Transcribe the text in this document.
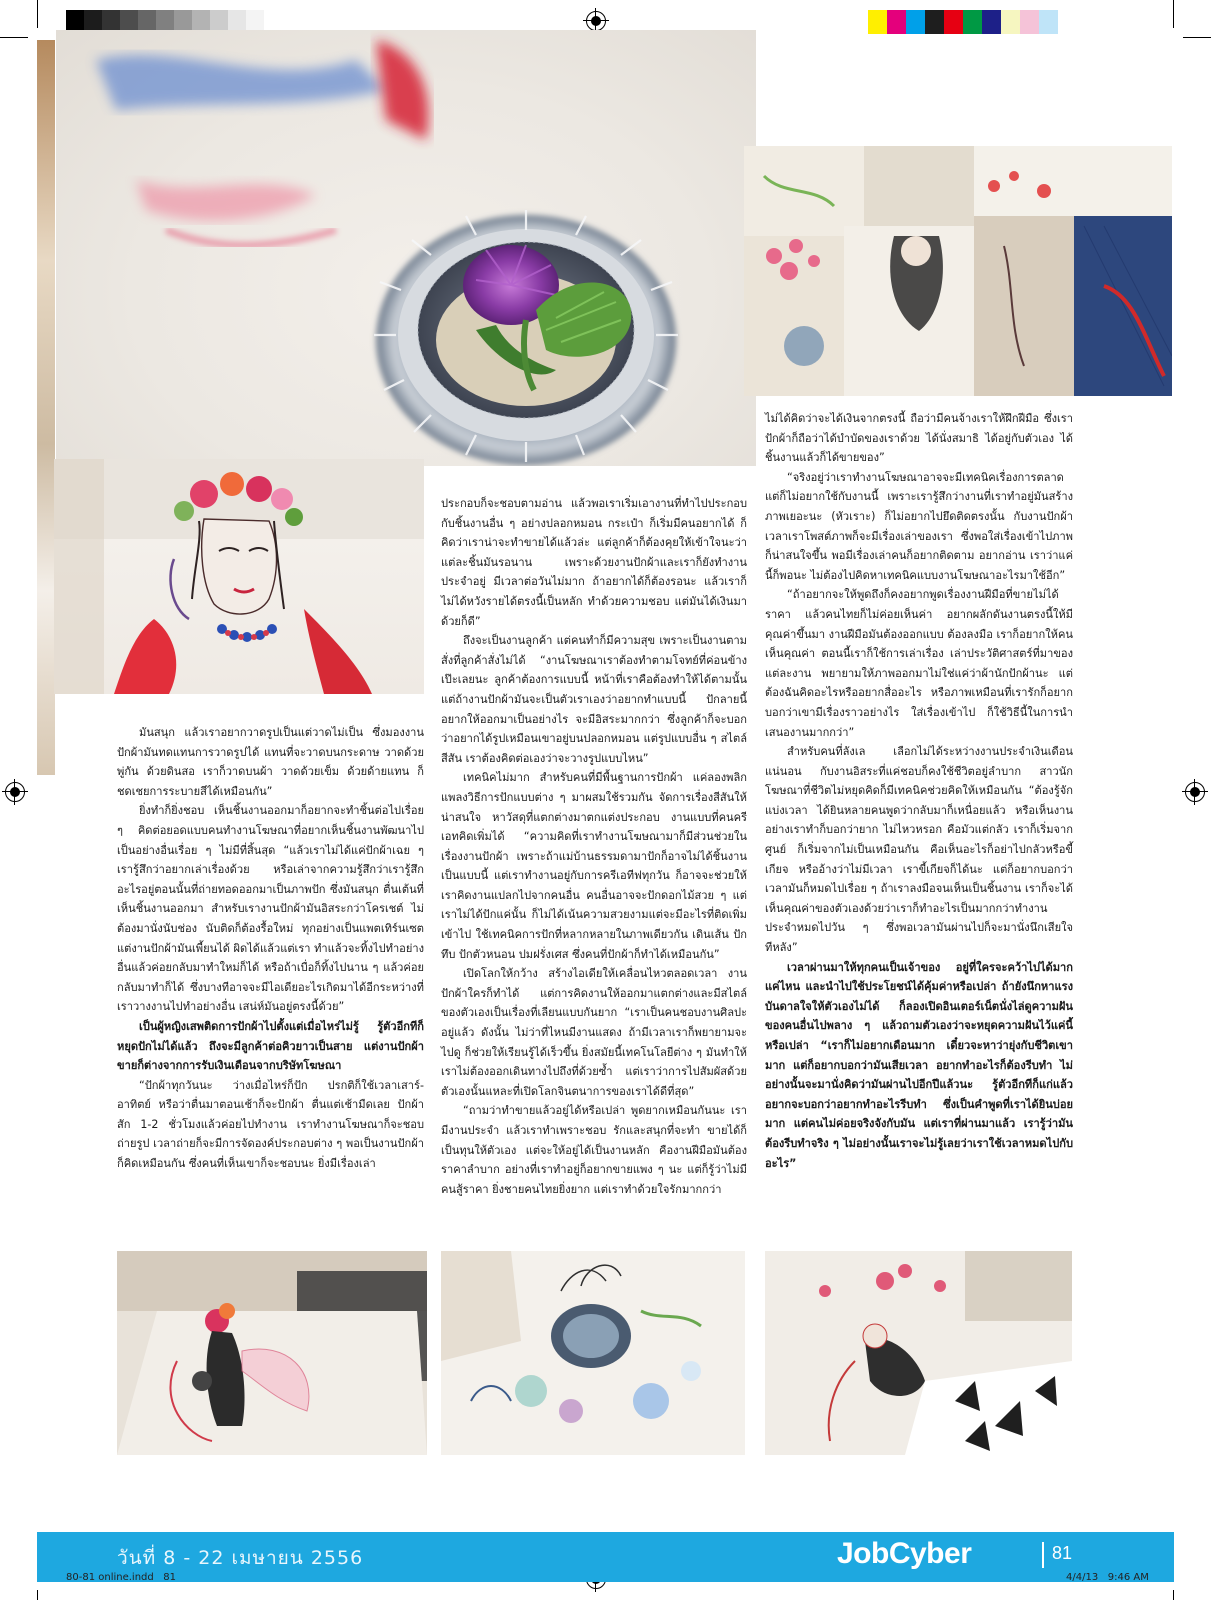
มันสนุก แล้วเราอยากวาดรูปเป็นแต่วาดไม่เป็น ซึ่งมองงานปักผ้ามันทดแทนการวาดรูปได้ แทนที่จะวาดบนกระดาษ วาดด้วยพู่กัน ด้วยดินสอ เราก็วาดบนผ้า วาดด้วยเข็ม ด้วยด้ายแทน ก็ชดเชยการระบายสีได้เหมือนกัน”

ยิ่งทำก็ยิ่งชอบ เห็นชิ้นงานออกมาก็อยากจะทำชิ้นต่อไปเรื่อย ๆ คิดต่อยอดแบบคนทำงานโฆษณาที่อยากเห็นชิ้นงานพัฒนาไปเป็นอย่างอื่นเรื่อย ๆ ไม่มีที่สิ้นสุด “แล้วเราไม่ได้แค่ปักผ้าเฉย ๆ เรารู้สึกว่าอยากเล่าเรื่องด้วย หรือเล่าจากความรู้สึกว่าเรารู้สึกอะไรอยู่ตอนนั้นที่ถ่ายทอดออกมาเป็นภาพปัก ซึ่งมันสนุก ตื่นเต้นที่เห็นชิ้นงานออกมา สำหรับเรางานปักผ้ามันอิสระกว่าโครเชต์ ไม่ต้องมานั่งนับช่อง นับติดก็ต้องรื้อใหม่ ทุกอย่างเป็นแพตเทิร์นเซต แต่งานปักผ้ามันเพี้ยนได้ ผิดได้แล้วแต่เรา ทำแล้วจะทิ้งไปทำอย่างอื่นแล้วค่อยกลับมาทำใหม่ก็ได้ หรือถ้าเบื่อก็ทิ้งไปนาน ๆ แล้วค่อยกลับมาทำก็ได้ ซึ่งบางทีอาจจะมีไอเดียอะไรเกิดมาได้อีกระหว่างที่เราวางงานไปทำอย่างอื่น เสน่ห์มันอยู่ตรงนี้ด้วย”

เป็นผู้หญิงเสพติดการปักผ้าไปตั้งแต่เมื่อไหร่ไม่รู้ รู้ตัวอีกทีก็หยุดปักไม่ได้แล้ว ถึงจะมีลูกค้าต่อคิวยาวเป็นสาย แต่งานปักผ้าขายก็ต่างจากการรับเงินเดือนจากบริษัทโฆษณา

“ปักผ้าทุกวันนะ ว่างเมื่อไหร่ก็ปัก ปรกติก็ใช้เวลาเสาร์-อาทิตย์ หรือว่าตื่นมาตอนเช้าก็จะปักผ้า ตื่นแต่เช้ามืดเลย ปักผ้าสัก 1-2 ชั่วโมงแล้วค่อยไปทำงาน เราทำงานโฆษณาก็จะชอบถ่ายรูป เวลาถ่ายก็จะมีการจัดองค์ประกอบต่าง ๆ พอเป็นงานปักผ้าก็คิดเหมือนกัน ซึ่งคนที่เห็นเขาก็จะชอบนะ ยิ่งมีเรื่องเล่า

ประกอบก็จะชอบตามอ่าน แล้วพอเราเริ่มเอางานที่ทำไปประกอบกับชิ้นงานอื่น ๆ อย่างปลอกหมอน กระเป๋า ก็เริ่มมีคนอยากได้ ก็คิดว่าเราน่าจะทำขายได้แล้วล่ะ แต่ลูกค้าก็ต้องคุยให้เข้าใจนะว่าแต่ละชิ้นมันรอนาน เพราะด้วยงานปักผ้าและเราก็ยังทำงานประจำอยู่ มีเวลาต่อวันไม่มาก ถ้าอยากได้ก็ต้องรอนะ แล้วเราก็ไม่ได้หวังรายได้ตรงนี้เป็นหลัก ทำด้วยความชอบ แต่มันได้เงินมาด้วยก็ดี”

ถึงจะเป็นงานลูกค้า แต่คนทำก็มีความสุข เพราะเป็นงานตามสั่งที่ลูกค้าสั่งไม่ได้ “งานโฆษณาเราต้องทำตามโจทย์ที่ค่อนข้างเป๊ะเลยนะ ลูกค้าต้องการแบบนี้ หน้าที่เราคือต้องทำให้ได้ตามนั้น แต่ถ้างานปักผ้ามันจะเป็นตัวเราเองว่าอยากทำแบบนี้ ปักลายนี้อยากให้ออกมาเป็นอย่างไร จะมีอิสระมากกว่า ซึ่งลูกค้าก็จะบอกว่าอยากได้รูปเหมือนเขาอยู่บนปลอกหมอน แต่รูปแบบอื่น ๆ สไตล์ สีสัน เราต้องคิดต่อเองว่าจะวางรูปแบบไหน”

เทคนิคไม่มาก สำหรับคนที่มีพื้นฐานการปักผ้า แค่ลองพลิกแพลงวิธีการปักแบบต่าง ๆ มาผสมใช้รวมกัน จัดการเรื่องสีสันให้น่าสนใจ หาวัสดุที่แตกต่างมาตกแต่งประกอบ งานแบบที่คนครีเอทคิดเพิ่มได้ “ความคิดที่เราทำงานโฆษณามาก็มีส่วนช่วยในเรื่องงานปักผ้า เพราะถ้าแม่บ้านธรรมดามาปักก็อาจไม่ได้ชิ้นงานเป็นแบบนี้ แต่เราทำงานอยู่กับการครีเอทีฟทุกวัน ก็อาจจะช่วยให้เราคิดงานแปลกไปจากคนอื่น คนอื่นอาจจะปักดอกไม้สวย ๆ แต่เราไม่ได้ปักแค่นั้น ก็ไม่ได้เน้นความสวยงามแต่จะมีอะไรที่ติดเพิ่มเข้าไป ใช้เทคนิคการปักที่หลากหลายในภาพเดียวกัน เดินเส้น ปักทึบ ปักตัวหนอน ปมฝรั่งเศส ซึ่งคนที่ปักผ้าก็ทำได้เหมือนกัน”

เปิดโลกให้กว้าง สร้างไอเดียให้เคลื่อนไหวตลอดเวลา งานปักผ้าใครก็ทำได้ แต่การคิดงานให้ออกมาแตกต่างและมีสไตล์ของตัวเองเป็นเรื่องที่เลียนแบบกันยาก “เราเป็นคนชอบงานศิลปะอยู่แล้ว ดังนั้น ไม่ว่าที่ไหนมีงานแสดง ถ้ามีเวลาเราก็พยายามจะไปดู ก็ช่วยให้เรียนรู้ได้เร็วขึ้น ยิ่งสมัยนี้เทคโนโลยีต่าง ๆ มันทำให้เราไม่ต้องออกเดินทางไปถึงที่ด้วยซ้ำ แต่เราว่าการไปสัมผัสด้วยตัวเองนั้นแหละที่เปิดโลกจินตนาการของเราได้ดีที่สุด”

“ถามว่าทำขายแล้วอยู่ได้หรือเปล่า พูดยากเหมือนกันนะ เรามีงานประจำ แล้วเราทำเพราะชอบ รักและสนุกที่จะทำ ขายได้ก็เป็นทุนให้ตัวเอง แต่จะให้อยู่ได้เป็นงานหลัก คืองานฝีมือมันต้องราคาลำบาก อย่างที่เราทำอยู่ก็อยากขายแพง ๆ นะ แต่ก็รู้ว่าไม่มีคนสู้ราคา ยิ่งชายคนไทยยิ่งยาก แต่เราทำด้วยใจรักมากกว่า

ไม่ได้คิดว่าจะได้เงินจากตรงนี้ ถือว่ามีคนจ้างเราให้ฝึกฝีมือ ซึ่งเราปักผ้าก็ถือว่าได้บำบัดของเราด้วย ได้นั่งสมาธิ ได้อยู่กับตัวเอง ได้ชิ้นงานแล้วก็ได้ขายของ”

“จริงอยู่ว่าเราทำงานโฆษณาอาจจะมีเทคนิคเรื่องการตลาด แต่ก็ไม่อยากใช้กับงานนี้ เพราะเรารู้สึกว่างานที่เราทำอยู่มันสร้างภาพเยอะนะ (หัวเราะ) ก็ไม่อยากไปยึดติดตรงนั้น กับงานปักผ้าเวลาเราโพสต์ภาพก็จะมีเรื่องเล่าของเรา ซึ่งพอใส่เรื่องเข้าไปภาพก็น่าสนใจขึ้น พอมีเรื่องเล่าคนก็อยากติดตาม อยากอ่าน เราว่าแค่นี้ก็พอนะ ไม่ต้องไปคิดหาเทคนิคแบบงานโฆษณาอะไรมาใช้อีก”

“ถ้าอยากจะให้พูดถึงก็คงอยากพูดเรื่องงานฝีมือที่ขายไม่ได้ราคา แล้วคนไทยก็ไม่ค่อยเห็นค่า อยากผลักดันงานตรงนี้ให้มีคุณค่าขึ้นมา งานฝีมือมันต้องออกแบบ ต้องลงมือ เราก็อยากให้คนเห็นคุณค่า ตอนนี้เราก็ใช้การเล่าเรื่อง เล่าประวัติศาสตร์ที่มาของแต่ละงาน พยายามให้ภาพออกมาไม่ใช่แค่ว่าผ้านักปักผ้านะ แต่ต้องฉันคิดอะไรหรืออยากสื่ออะไร หรือภาพเหมือนที่เรารักก็อยากบอกว่าเขามีเรื่องราวอย่างไร ใส่เรื่องเข้าไป ก็ใช้วิธีนี้ในการนำเสนองานมากกว่า”

สำหรับคนที่ลังเล เลือกไม่ได้ระหว่างงานประจำเงินเดือนแน่นอน กับงานอิสระที่แค่ชอบก็คงใช้ชีวิตอยู่ลำบาก สาวนักโฆษณาที่ชีวิตไม่หยุดคิดก็มีเทคนิคช่วยคิดให้เหมือนกัน “ต้องรู้จักแบ่งเวลา ได้ยินหลายคนพูดว่ากลับมาก็เหนื่อยแล้ว หรือเห็นงานอย่างเราทำก็บอกว่ายาก ไม่ไหวหรอก คือมัวแต่กลัว เราก็เริ่มจากศูนย์ ก็เริ่มจากไม่เป็นเหมือนกัน คือเห็นอะไรก็อย่าไปกลัวหรือขี้เกียจ หรืออ้างว่าไม่มีเวลา เราขี้เกียจก็ได้นะ แต่ก็อยากบอกว่าเวลามันก็หมดไปเรื่อย ๆ ถ้าเราลงมือจนเห็นเป็นชิ้นงาน เราก็จะได้เห็นคุณค่าของตัวเองด้วยว่าเราก็ทำอะไรเป็นมากกว่าทำงานประจำหมดไปวัน ๆ ซึ่งพอเวลามันผ่านไปก็จะมานั่งนึกเสียใจทีหลัง”

เวลาผ่านมาให้ทุกคนเป็นเจ้าของ อยู่ที่ใครจะคว้าไปได้มากแค่ไหน และนำไปใช้ประโยชน์ได้คุ้มค่าหรือเปล่า ถ้ายังนึกหาแรงบันดาลใจให้ตัวเองไม่ได้ ก็ลองเปิดอินเตอร์เน็ตนั่งไล่ดูความฝันของคนอื่นไปพลาง ๆ แล้วถามตัวเองว่าจะหยุดความฝันไว้แค่นี้หรือเปล่า “เราก็ไม่อยากเดือนมาก เดี๋ยวจะหาว่ายุ่งกับชีวิตเขามาก แต่ก็อยากบอกว่ามันเสียเวลา อยากทำอะไรก็ต้องรีบทำ ไม่อย่างนั้นจะมานั่งคิดว่ามันผ่านไปอีกปีแล้วนะ รู้ตัวอีกทีก็แก่แล้ว อยากจะบอกว่าอยากทำอะไรรีบทำ ซึ่งเป็นคำพูดที่เราได้ยินบ่อยมาก แต่คนไม่ค่อยจริงจังกับมัน แต่เราที่ผ่านมาแล้ว เรารู้ว่ามันต้องรีบทำจริง ๆ ไม่อย่างนั้นเราจะไม่รู้เลยว่าเราใช้เวลาหมดไปกับอะไร”

วันที่ 8 - 22 เมษายน 2556	JobCyber	81
80-81 online.indd   81	4/4/13   9:46 AM
